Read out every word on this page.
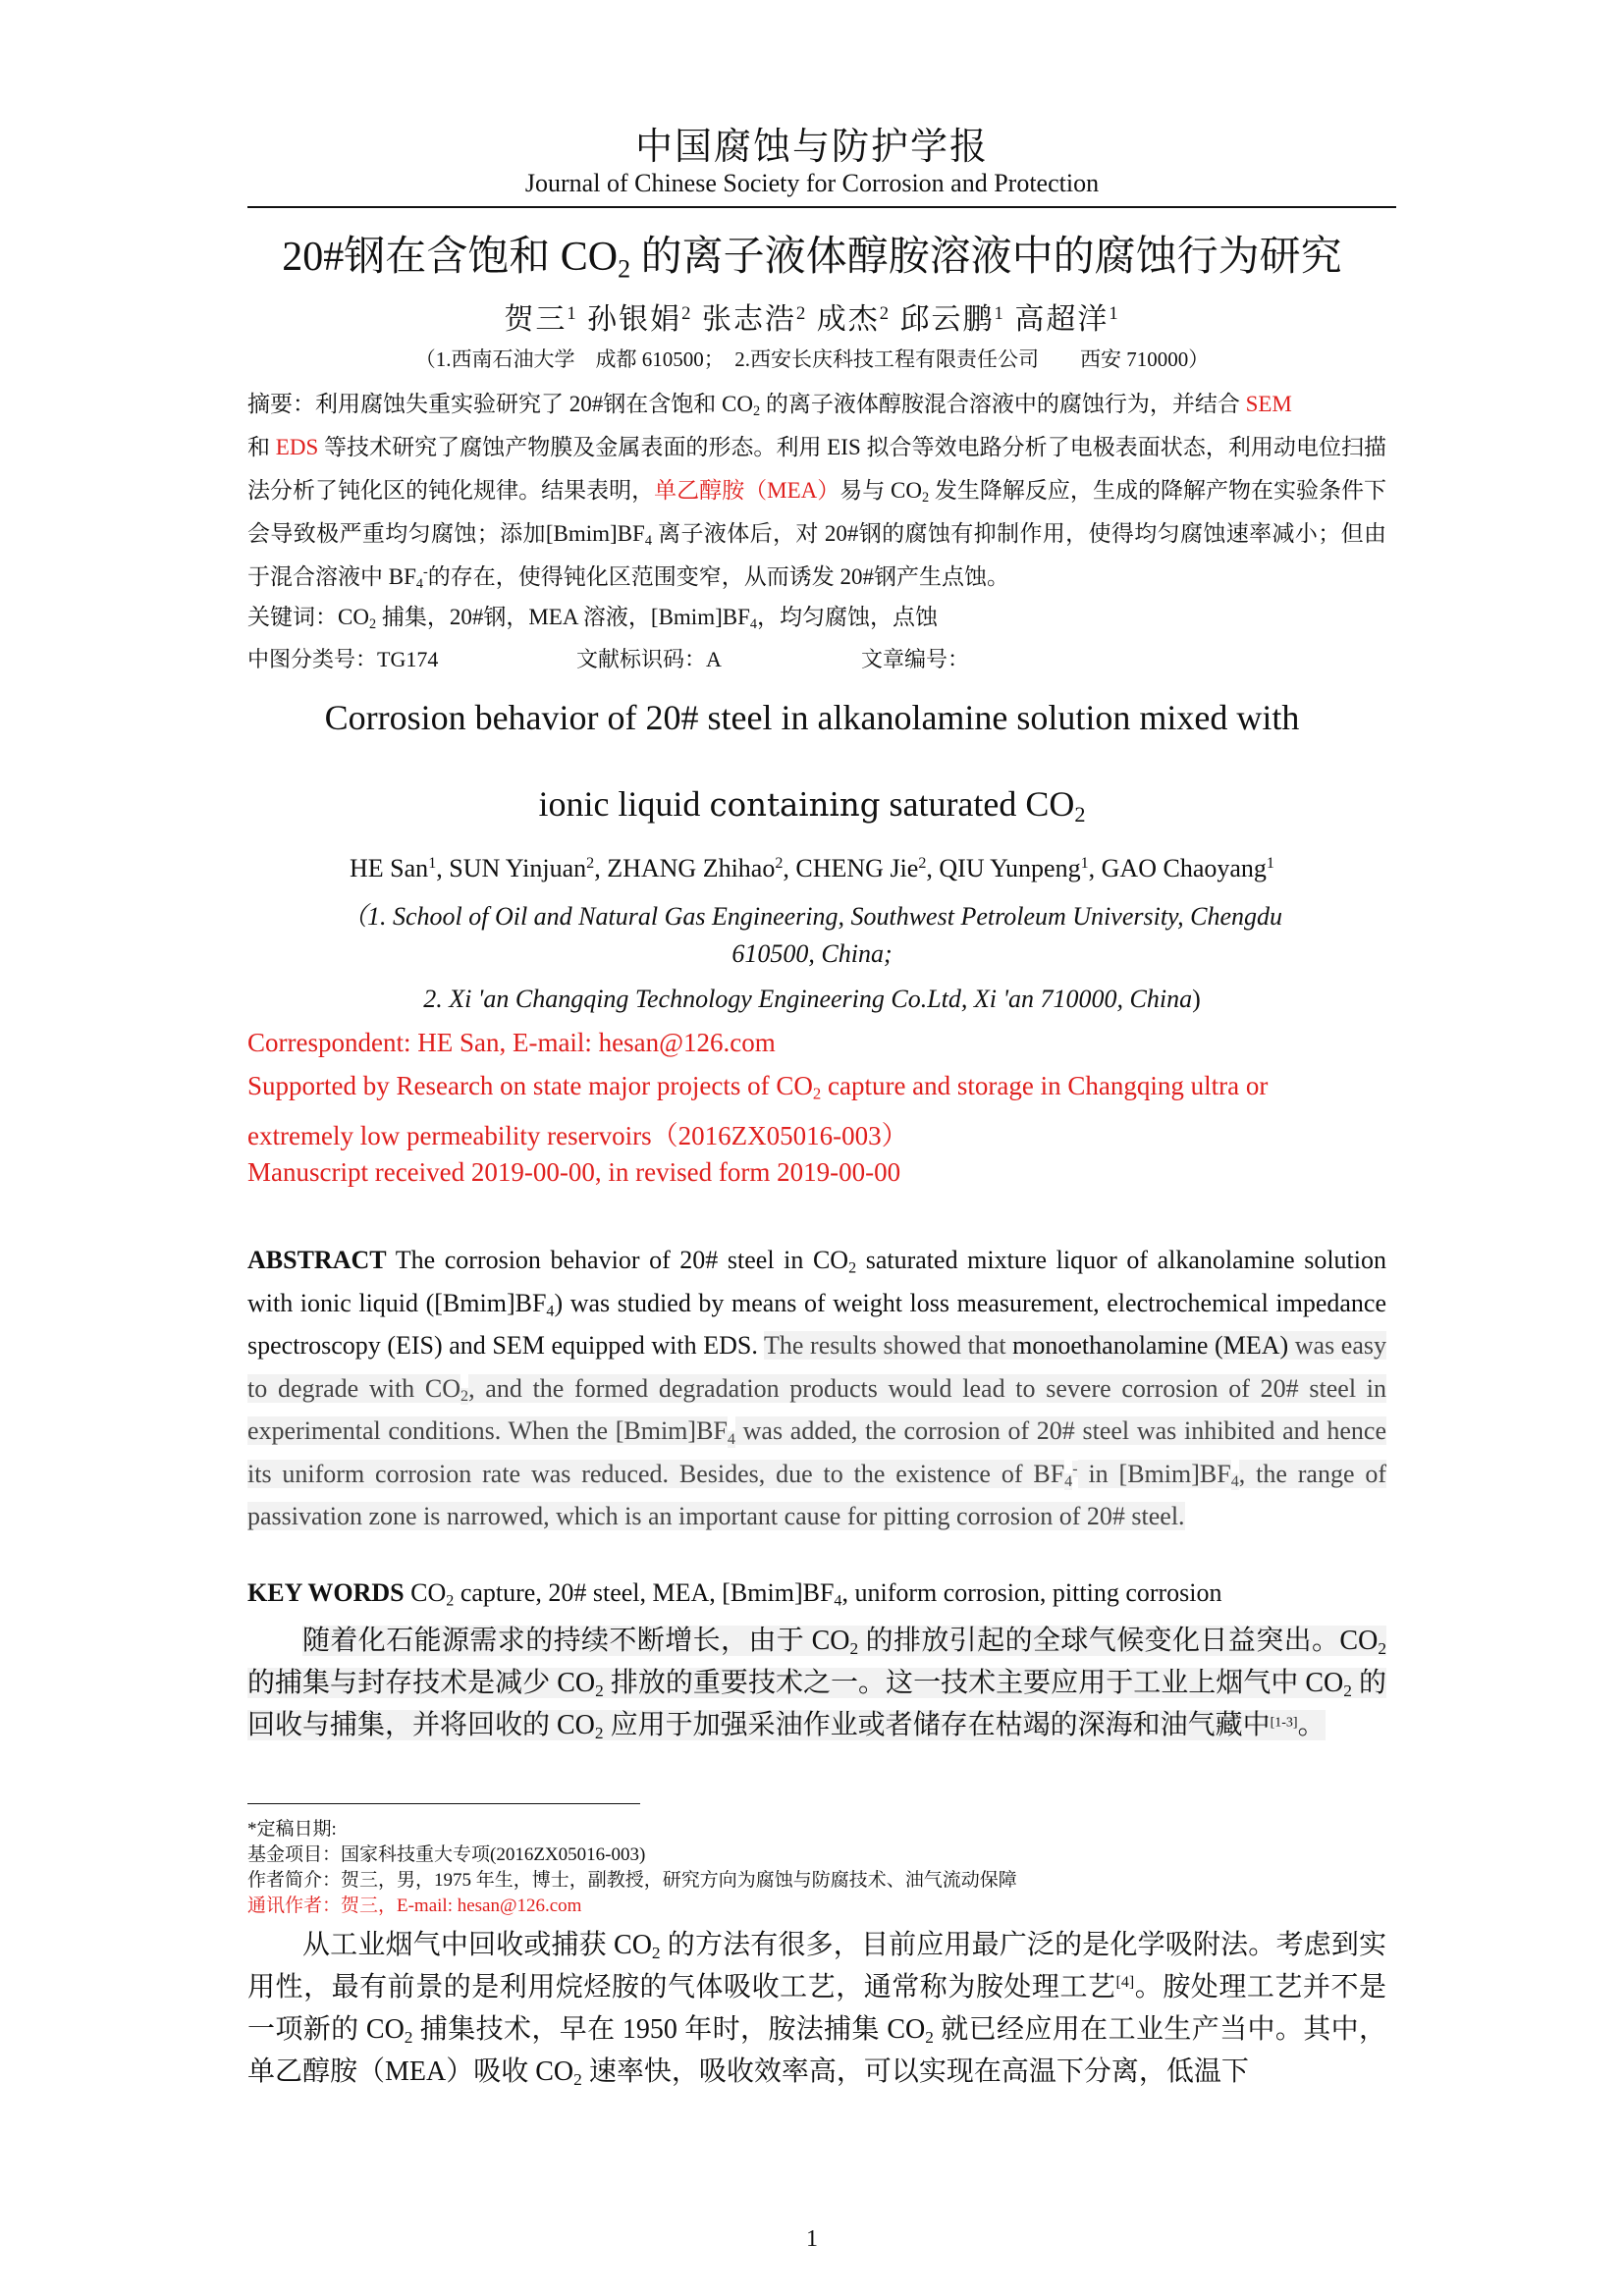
中国腐蚀与防护学报
Journal of Chinese Society for Corrosion and Protection
20#钢在含饱和 $CO_2$ 的离子液体醇胺溶液中的腐蚀行为研究
贺三$^1$ 孙银娟$^2$ 张志浩$^2$ 成杰$^2$ 邱云鹏$^1$ 高超洋$^1$
（1.西南石油大学　成都 610500；　2.西安长庆科技工程有限责任公司　　西安 710000）
摘要：利用腐蚀失重实验研究了 20#钢在含饱和 $CO_2$ 的离子液体醇胺混合溶液中的腐蚀行为，并结合 SEM
和 EDS 等技术研究了腐蚀产物膜及金属表面的形态。利用 EIS 拟合等效电路分析了电极表面状态，利用动电位扫描法分析了钝化区的钝化规律。结果表明，单乙醇胺（MEA）易与 $CO_2$ 发生降解反应，生成的降解产物在实验条件下会导致极严重均匀腐蚀；添加$[Bmim]BF_4$ 离子液体后，对 20#钢的腐蚀有抑制作用，使得均匀腐蚀速率减小；但由于混合溶液中 $BF_4^-$的存在，使得钝化区范围变窄，从而诱发 20#钢产生点蚀。
关键词：$CO_2$ 捕集，20#钢，MEA 溶液，$[Bmim]BF_4$，均匀腐蚀，点蚀
中图分类号：TG174	文献标识码：A	文章编号：
Corrosion behavior of 20# steel in alkanolamine solution mixed with
ionic liquid containing saturated $CO_2$
HE San$^1$, SUN Yinjuan$^2$, ZHANG Zhihao$^2$, CHENG Jie$^2$, QIU Yunpeng$^1$, GAO Chaoyang$^1$
（1. School of Oil and Natural Gas Engineering, Southwest Petroleum University, Chengdu
610500, China;
2. Xi 'an Changqing Technology Engineering Co.Ltd, Xi 'an 710000, China)
Correspondent: HE San, E-mail: hesan@126.com
Supported by Research on state major projects of $CO_2$ capture and storage in Changqing ultra or
extremely low permeability reservoirs（2016ZX05016-003）
Manuscript received 2019-00-00, in revised form 2019-00-00
ABSTRACT The corrosion behavior of 20# steel in $CO_2$ saturated mixture liquor of alkanolamine solution with ionic liquid $([Bmim]BF_4)$ was studied by means of weight loss measurement, electrochemical impedance spectroscopy (EIS) and SEM equipped with EDS. The results showed that monoethanolamine (MEA) was easy to degrade with $CO_2$, and the formed degradation products would lead to severe corrosion of 20# steel in experimental conditions. When the $[Bmim]BF_4$ was added, the corrosion of 20# steel was inhibited and hence its uniform corrosion rate was reduced. Besides, due to the existence of $BF_4^-$ in $[Bmim]BF_4$, the range of passivation zone is narrowed, which is an important cause for pitting corrosion of 20# steel.
KEY WORDS $CO_2$ capture, 20# steel, MEA, $[Bmim]BF_4$, uniform corrosion, pitting corrosion
随着化石能源需求的持续不断增长，由于 $CO_2$ 的排放引起的全球气候变化日益突出。$CO_2$ 的捕集与封存技术是减少 $CO_2$ 排放的重要技术之一。这一技术主要应用于工业上烟气中 $CO_2$ 的回收与捕集，并将回收的 $CO_2$ 应用于加强采油作业或者储存在枯竭的深海和油气藏中[1-3]。
*定稿日期:
基金项目：国家科技重大专项(2016ZX05016-003)
作者简介：贺三，男，1975 年生，博士，副教授，研究方向为腐蚀与防腐技术、油气流动保障
通讯作者：贺三，E-mail: hesan@126.com
从工业烟气中回收或捕获 $CO_2$ 的方法有很多，目前应用最广泛的是化学吸附法。考虑到实用性，最有前景的是利用烷烃胺的气体吸收工艺，通常称为胺处理工艺[4]。胺处理工艺并不是一项新的 $CO_2$ 捕集技术，早在 1950 年时，胺法捕集 $CO_2$ 就已经应用在工业生产当中。其中，单乙醇胺（MEA）吸收 $CO_2$ 速率快，吸收效率高，可以实现在高温下分离，低温下
1
